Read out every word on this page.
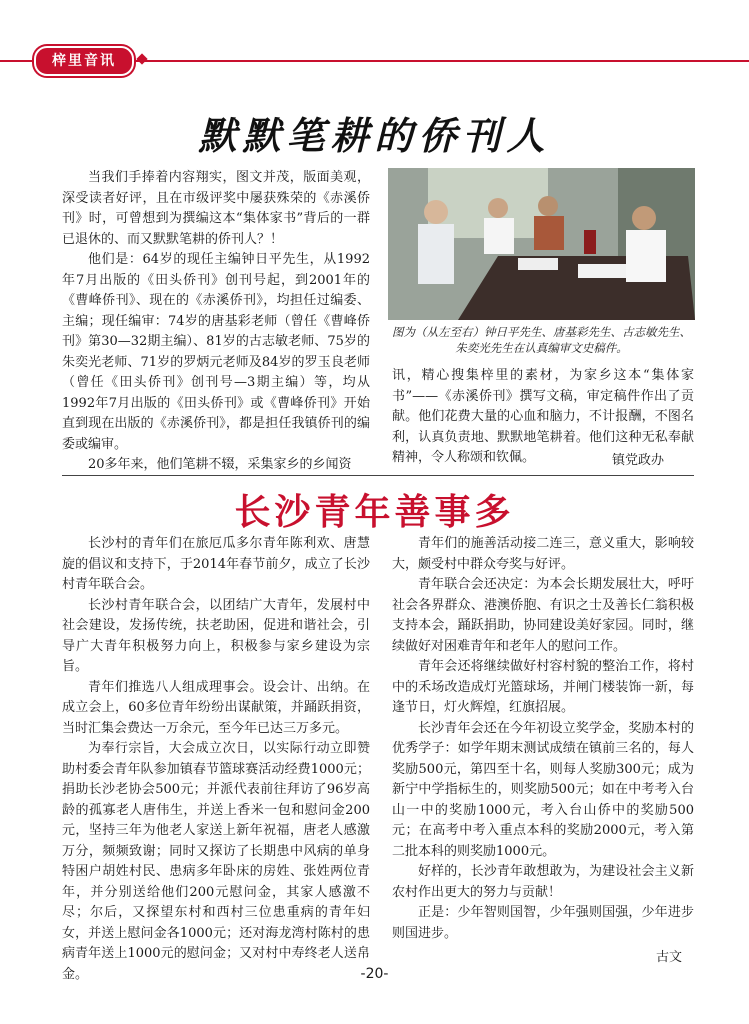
梓里音讯
默默笔耕的侨刊人

当我们手捧着内容翔实，图文并茂，版面美观，深受读者好评，且在市级评奖中屡获殊荣的《赤溪侨刊》时，可曾想到为撰编这本“集体家书”背后的一群已退休的、而又默默笔耕的侨刊人？！

他们是：64岁的现任主编钟日平先生，从1992年7月出版的《田头侨刊》创刊号起，到2001年的《曹峰侨刊》、现在的《赤溪侨刊》，均担任过编委、主编；现任编审：74岁的唐基彩老师（曾任《曹峰侨刊》第30—32期主编）、81岁的古志敏老师、75岁的朱奕光老师、71岁的罗炳元老师及84岁的罗玉良老师（曾任《田头侨刊》创刊号—3期主编）等，均从1992年7月出版的《田头侨刊》或《曹峰侨刊》开始直到现在出版的《赤溪侨刊》，都是担任我镇侨刊的编委或编审。

20多年来，他们笔耕不辍，采集家乡的乡闻资

图为（从左至右）钟日平先生、唐基彩先生、古志敏先生、朱奕光先生在认真编审文史稿件。

讯，精心搜集梓里的素材，为家乡这本“集体家书”——《赤溪侨刊》撰写文稿，审定稿件作出了贡献。他们花费大量的心血和脑力，不计报酬，不图名利，认真负责地、默默地笔耕着。他们这种无私奉献精神，令人称颂和钦佩。	镇党政办
长沙青年善事多

长沙村的青年们在旅厄瓜多尔青年陈利欢、唐慧旋的倡议和支持下，于2014年春节前夕，成立了长沙村青年联合会。

长沙村青年联合会，以团结广大青年，发展村中社会建设，发扬传统，扶老助困，促进和谐社会，引导广大青年积极努力向上，积极参与家乡建设为宗旨。

青年们推选八人组成理事会。设会计、出纳。在成立会上，60多位青年纷纷出谋献策，并踊跃捐资，当时汇集会费达一万余元，至今年已达三万多元。

为奉行宗旨，大会成立次日，以实际行动立即赞助村委会青年队参加镇春节篮球赛活动经费1000元；捐助长沙老协会500元；并派代表前往拜访了96岁高龄的孤寡老人唐伟生，并送上香米一包和慰问金200元，坚持三年为他老人家送上新年祝福，唐老人感激万分，频频致谢；同时又探访了长期患中风病的单身特困户胡姓村民、患病多年卧床的房姓、张姓两位青年，并分别送给他们200元慰问金，其家人感激不尽；尔后，又探望东村和西村三位患重病的青年妇女，并送上慰问金各1000元；还对海龙湾村陈村的患病青年送上1000元的慰问金；又对村中寿终老人送帛金。

青年们的施善活动接二连三，意义重大，影响较大，颇受村中群众夸奖与好评。

青年联合会还决定：为本会长期发展壮大，呼吁社会各界群众、港澳侨胞、有识之士及善长仁翁积极支持本会，踊跃捐助，协同建设美好家园。同时，继续做好对困难青年和老年人的慰问工作。

青年会还将继续做好村容村貌的整治工作，将村中的禾场改造成灯光篮球场，并闸门楼装饰一新，每逢节日，灯火辉煌，红旗招展。

长沙青年会还在今年初设立奖学金，奖励本村的优秀学子：如学年期末测试成绩在镇前三名的，每人奖励500元，第四至十名，则每人奖励300元；成为新宁中学指标生的，则奖励500元；如在中考考入台山一中的奖励1000元，考入台山侨中的奖励500元；在高考中考入重点本科的奖励2000元，考入第二批本科的则奖励1000元。

好样的，长沙青年敢想敢为，为建设社会主义新农村作出更大的努力与贡献！

正是：少年智则国智，少年强则国强，少年进步则国进步。

古文
-20-
